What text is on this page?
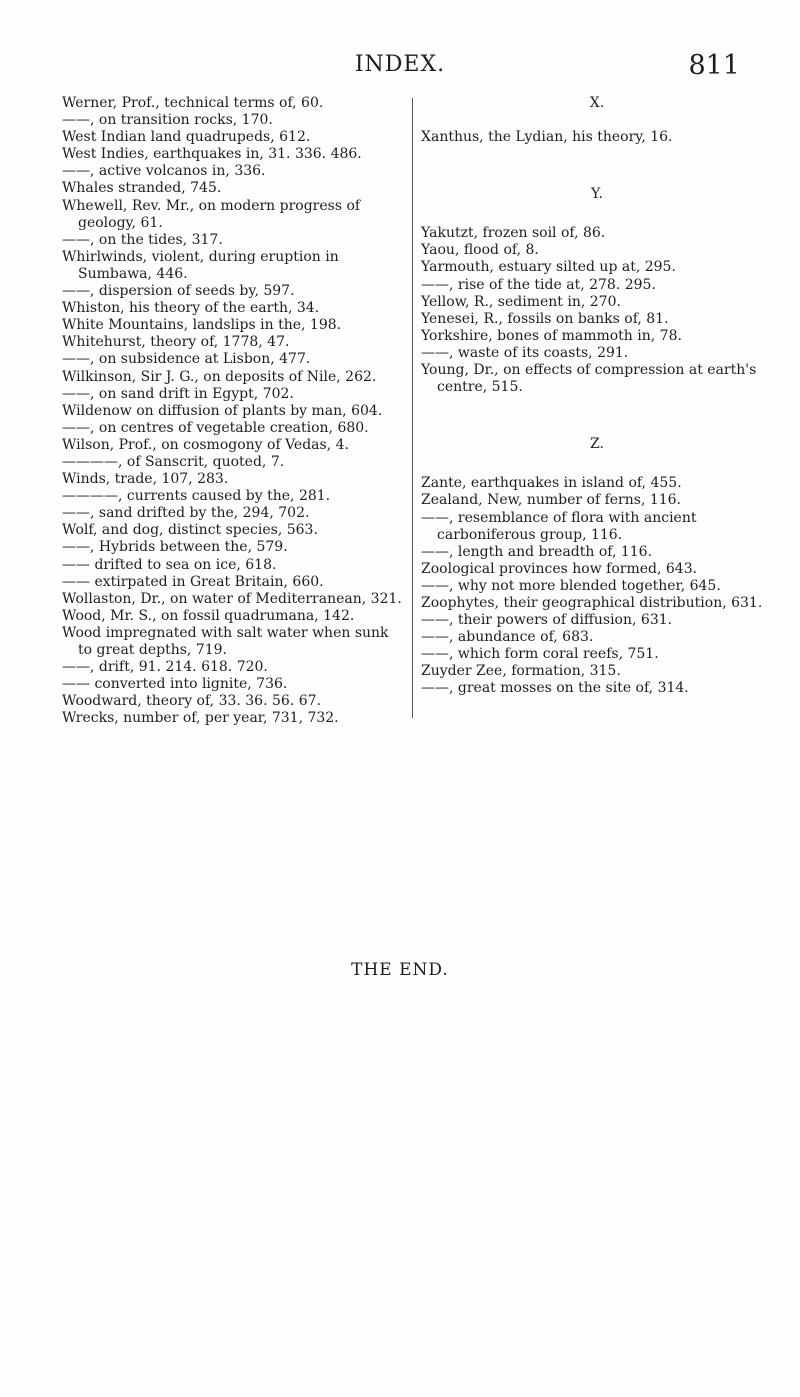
INDEX.	811
Werner, Prof., technical terms of, 60.
——, on transition rocks, 170.
West Indian land quadrupeds, 612.
West Indies, earthquakes in, 31. 336. 486.
——, active volcanos in, 336.
Whales stranded, 745.
Whewell, Rev. Mr., on modern progress of geology, 61.
——, on the tides, 317.
Whirlwinds, violent, during eruption in Sumbawa, 446.
——, dispersion of seeds by, 597.
Whiston, his theory of the earth, 34.
White Mountains, landslips in the, 198.
Whitehurst, theory of, 1778, 47.
——, on subsidence at Lisbon, 477.
Wilkinson, Sir J. G., on deposits of Nile, 262.
——, on sand drift in Egypt, 702.
Wildenow on diffusion of plants by man, 604.
——, on centres of vegetable creation, 680.
Wilson, Prof., on cosmogony of Vedas, 4.
————, of Sanscrit, quoted, 7.
Winds, trade, 107, 283.
————, currents caused by the, 281.
——, sand drifted by the, 294, 702.
Wolf, and dog, distinct species, 563.
——, Hybrids between the, 579.
—— drifted to sea on ice, 618.
—— extirpated in Great Britain, 660.
Wollaston, Dr., on water of Mediterranean, 321.
Wood, Mr. S., on fossil quadrumana, 142.
Wood impregnated with salt water when sunk to great depths, 719.
——, drift, 91. 214. 618. 720.
—— converted into lignite, 736.
Woodward, theory of, 33. 36. 56. 67.
Wrecks, number of, per year, 731, 732.
X.
Xanthus, the Lydian, his theory, 16.
Y.
Yakutzt, frozen soil of, 86.
Yaou, flood of, 8.
Yarmouth, estuary silted up at, 295.
——, rise of the tide at, 278. 295.
Yellow, R., sediment in, 270.
Yenesei, R., fossils on banks of, 81.
Yorkshire, bones of mammoth in, 78.
——, waste of its coasts, 291.
Young, Dr., on effects of compression at earth's centre, 515.
Z.
Zante, earthquakes in island of, 455.
Zealand, New, number of ferns, 116.
——, resemblance of flora with ancient carboniferous group, 116.
——, length and breadth of, 116.
Zoological provinces how formed, 643.
——, why not more blended together, 645.
Zoophytes, their geographical distribution, 631.
——, their powers of diffusion, 631.
——, abundance of, 683.
——, which form coral reefs, 751.
Zuyder Zee, formation, 315.
——, great mosses on the site of, 314.
THE END.
